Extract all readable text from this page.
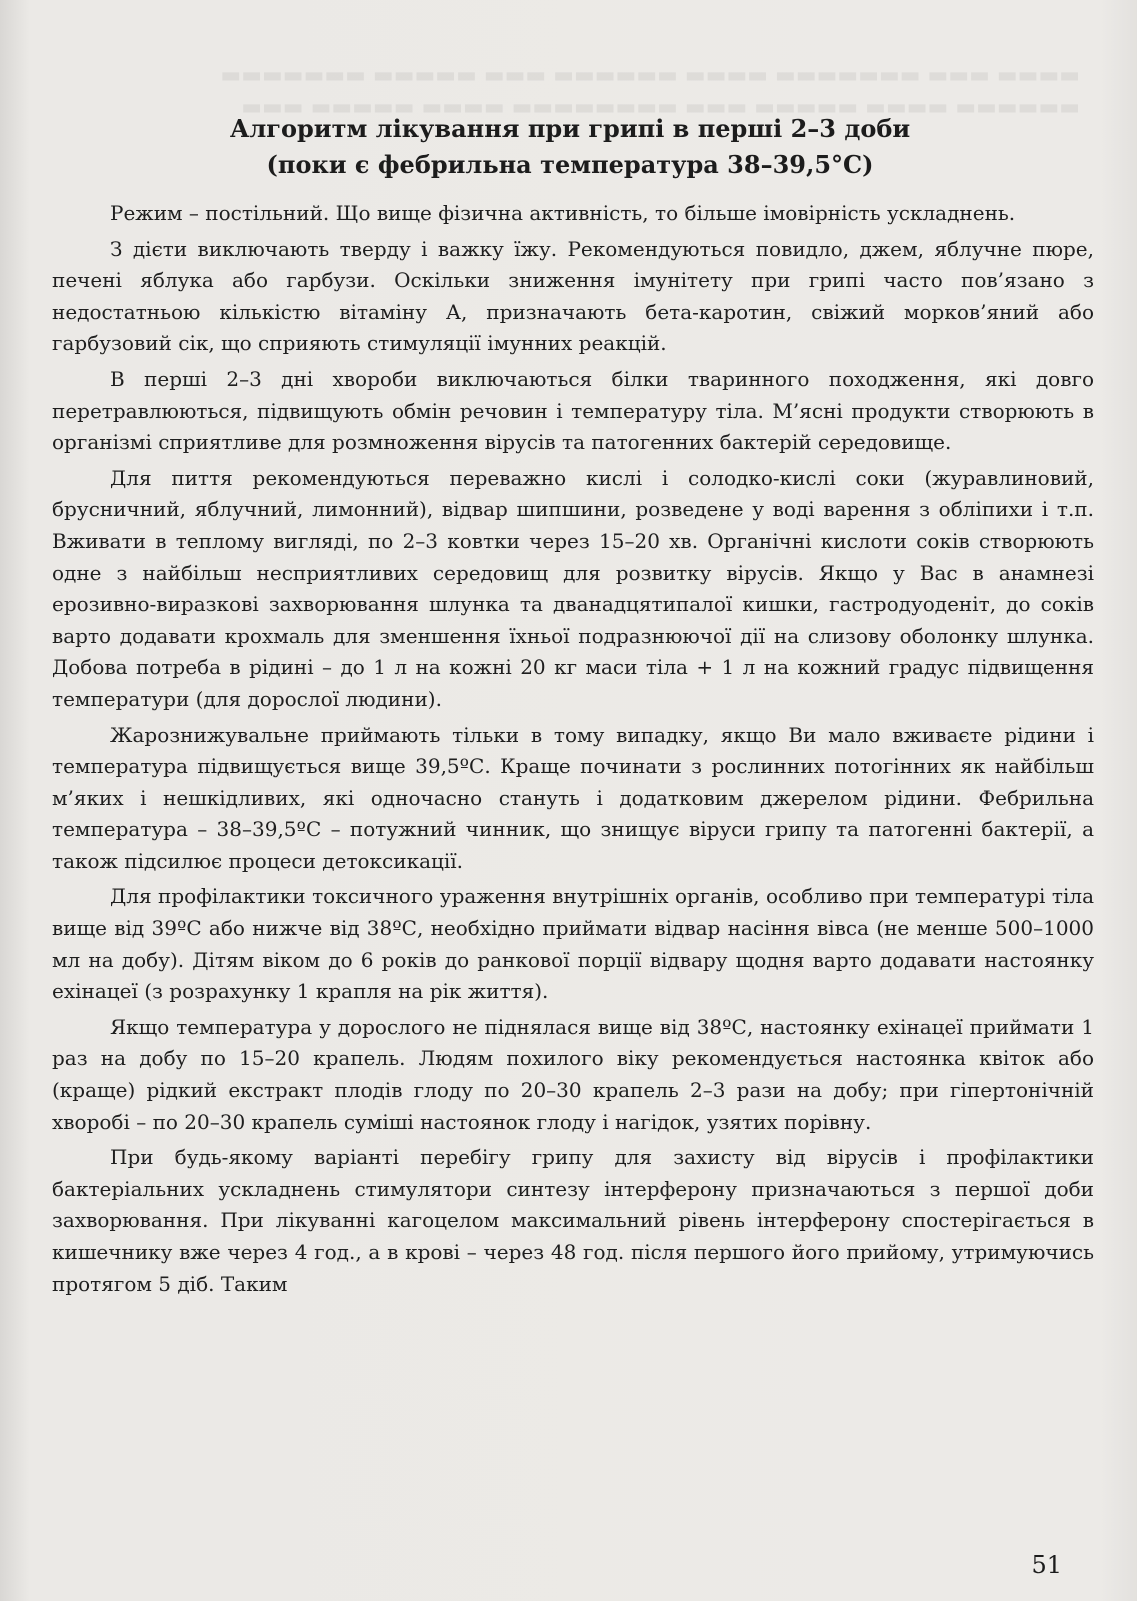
▬▬▬▬ ▬▬▬ ▬▬▬▬▬▬▬ ▬▬▬▬ ▬▬▬▬▬▬ ▬▬▬ ▬▬▬▬▬ ▬▬▬▬▬▬▬
▬▬▬▬▬▬ ▬▬▬▬ ▬▬▬▬▬ ▬▬▬ ▬▬▬▬▬▬▬▬ ▬▬▬▬ ▬▬▬▬▬ ▬▬▬
Алгоритм лікування при грипі в перші 2–3 доби
(поки є фебрильна температура 38–39,5°С)

Режим – постільний. Що вище фізична активність, то більше імовірність ускладнень.

З дієти виключають тверду і важку їжу. Рекомендуються повидло, джем, яблучне пюре, печені яблука або гарбузи. Оскільки зниження імунітету при грипі часто пов’язано з недостатньою кількістю вітаміну А, призначають бета-каротин, свіжий морков’яний або гарбузовий сік, що сприяють стимуляції імунних реакцій.

В перші 2–3 дні хвороби виключаються білки тваринного походження, які довго перетравлюються, підвищують обмін речовин і температуру тіла. М’ясні продукти створюють в організмі сприятливе для розмноження вірусів та патогенних бактерій середовище.

Для пиття рекомендуються переважно кислі і солодко-кислі соки (журавлиновий, брусничний, яблучний, лимонний), відвар шипшини, розведене у воді варення з обліпихи і т.п. Вживати в теплому вигляді, по 2–3 ковтки через 15–20 хв. Органічні кислоти соків створюють одне з найбільш несприятливих середовищ для розвитку вірусів. Якщо у Вас в анамнезі ерозивно-виразкові захворювання шлунка та дванадцятипалої кишки, гастродуоденіт, до соків варто додавати крохмаль для зменшення їхньої подразнюючої дії на слизову оболонку шлунка. Добова потреба в рідині – до 1 л на кожні 20 кг маси тіла + 1 л на кожний градус підвищення температури (для дорослої людини).

Жарознижувальне приймають тільки в тому випадку, якщо Ви мало вживаєте рідини і температура підвищується вище 39,5ºС. Краще починати з рослинних потогінних як найбільш м’яких і нешкідливих, які одночасно стануть і додатковим джерелом рідини. Фебрильна температура – 38–39,5ºС – потужний чинник, що знищує віруси грипу та патогенні бактерії, а також підсилює процеси детоксикації.

Для профілактики токсичного ураження внутрішніх органів, особливо при температурі тіла вище від 39ºС або нижче від 38ºС, необхідно приймати відвар насіння вівса (не менше 500–1000 мл на добу). Дітям віком до 6 років до ранкової порції відвару щодня варто додавати настоянку ехінацеї (з розрахунку 1 крапля на рік життя).

Якщо температура у дорослого не піднялася вище від 38ºС, настоянку ехінацеї приймати 1 раз на добу по 15–20 крапель. Людям похилого віку рекомендується настоянка квіток або (краще) рідкий екстракт плодів глоду по 20–30 крапель 2–3 рази на добу; при гіпертонічній хворобі – по 20–30 крапель суміші настоянок глоду і нагідок, узятих порівну.

При будь-якому варіанті перебігу грипу для захисту від вірусів і профілактики бактеріальних ускладнень стимулятори синтезу інтерферону призначаються з першої доби захворювання. При лікуванні кагоцелом максимальний рівень інтерферону спостерігається в кишечнику вже через 4 год., а в крові – через 48 год. після першого його прийому, утримуючись протягом 5 діб. Таким

51
